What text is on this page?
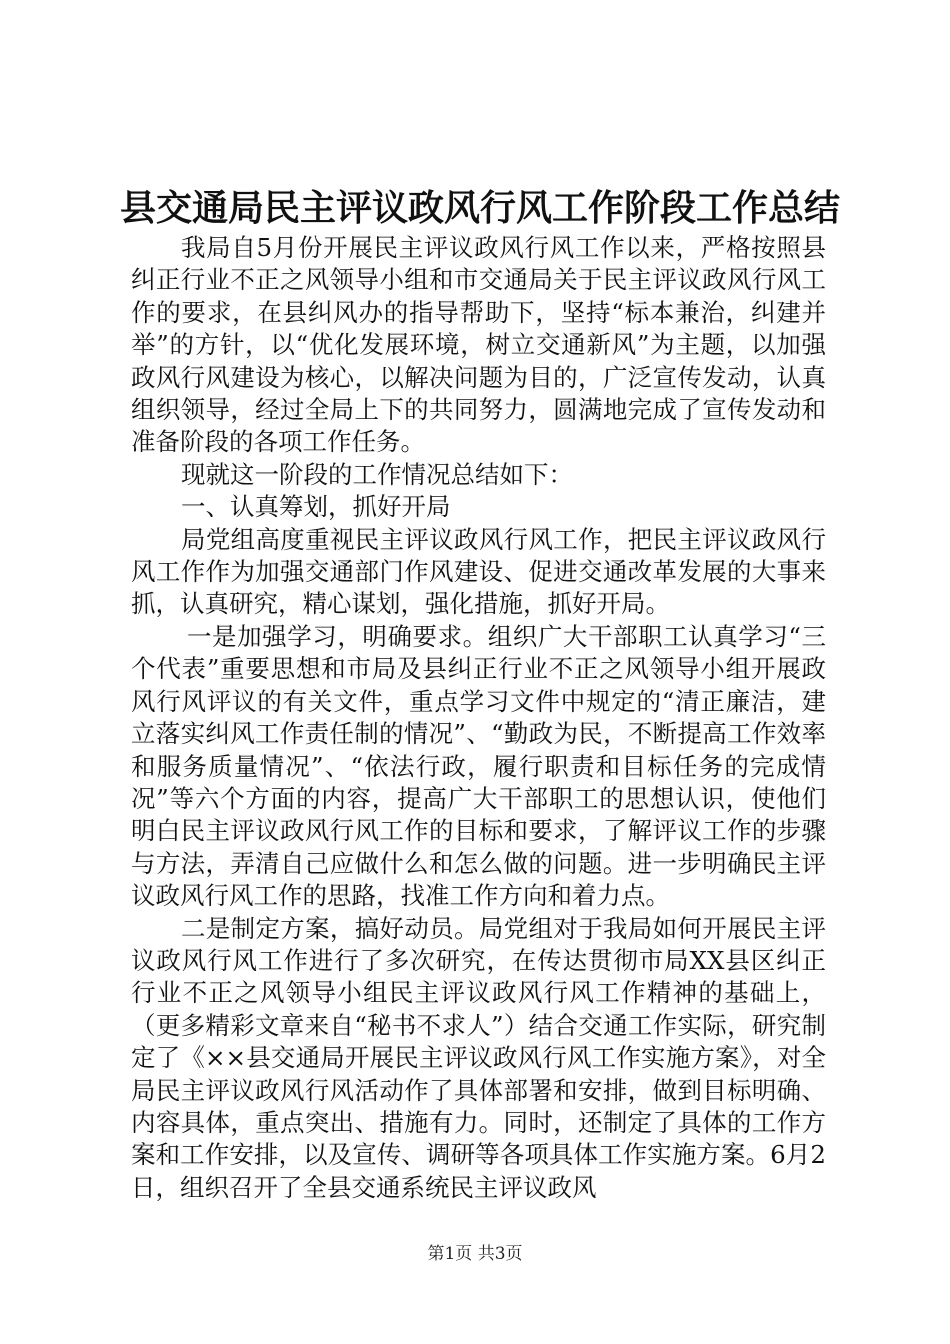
县交通局民主评议政风行风工作阶段工作总结

我局自5月份开展民主评议政风行风工作以来，严格按照县纠正行业不正之风领导小组和市交通局关于民主评议政风行风工作的要求，在县纠风办的指导帮助下，坚持“标本兼治，纠建并举”的方针，以“优化发展环境，树立交通新风”为主题，以加强政风行风建设为核心，以解决问题为目的，广泛宣传发动，认真组织领导，经过全局上下的共同努力，圆满地完成了宣传发动和准备阶段的各项工作任务。

现就这一阶段的工作情况总结如下：

一、认真筹划，抓好开局

局党组高度重视民主评议政风行风工作，把民主评议政风行风工作作为加强交通部门作风建设、促进交通改革发展的大事来抓，认真研究，精心谋划，强化措施，抓好开局。

一是加强学习，明确要求。组织广大干部职工认真学习“三个代表”重要思想和市局及县纠正行业不正之风领导小组开展政风行风评议的有关文件，重点学习文件中规定的“清正廉洁，建立落实纠风工作责任制的情况”、“勤政为民，不断提高工作效率和服务质量情况”、“依法行政，履行职责和目标任务的完成情况”等六个方面的内容，提高广大干部职工的思想认识，使他们明白民主评议政风行风工作的目标和要求，了解评议工作的步骤与方法，弄清自己应做什么和怎么做的问题。进一步明确民主评议政风行风工作的思路，找准工作方向和着力点。

二是制定方案，搞好动员。局党组对于我局如何开展民主评议政风行风工作进行了多次研究，在传达贯彻市局XX县区纠正行业不正之风领导小组民主评议政风行风工作精神的基础上，（更多精彩文章来自“秘书不求人”）结合交通工作实际，研究制定了《××县交通局开展民主评议政风行风工作实施方案》，对全局民主评议政风行风活动作了具体部署和安排，做到目标明确、内容具体，重点突出、措施有力。同时，还制定了具体的工作方案和工作安排，以及宣传、调研等各项具体工作实施方案。6月2日，组织召开了全县交通系统民主评议政风

第1页 共3页
